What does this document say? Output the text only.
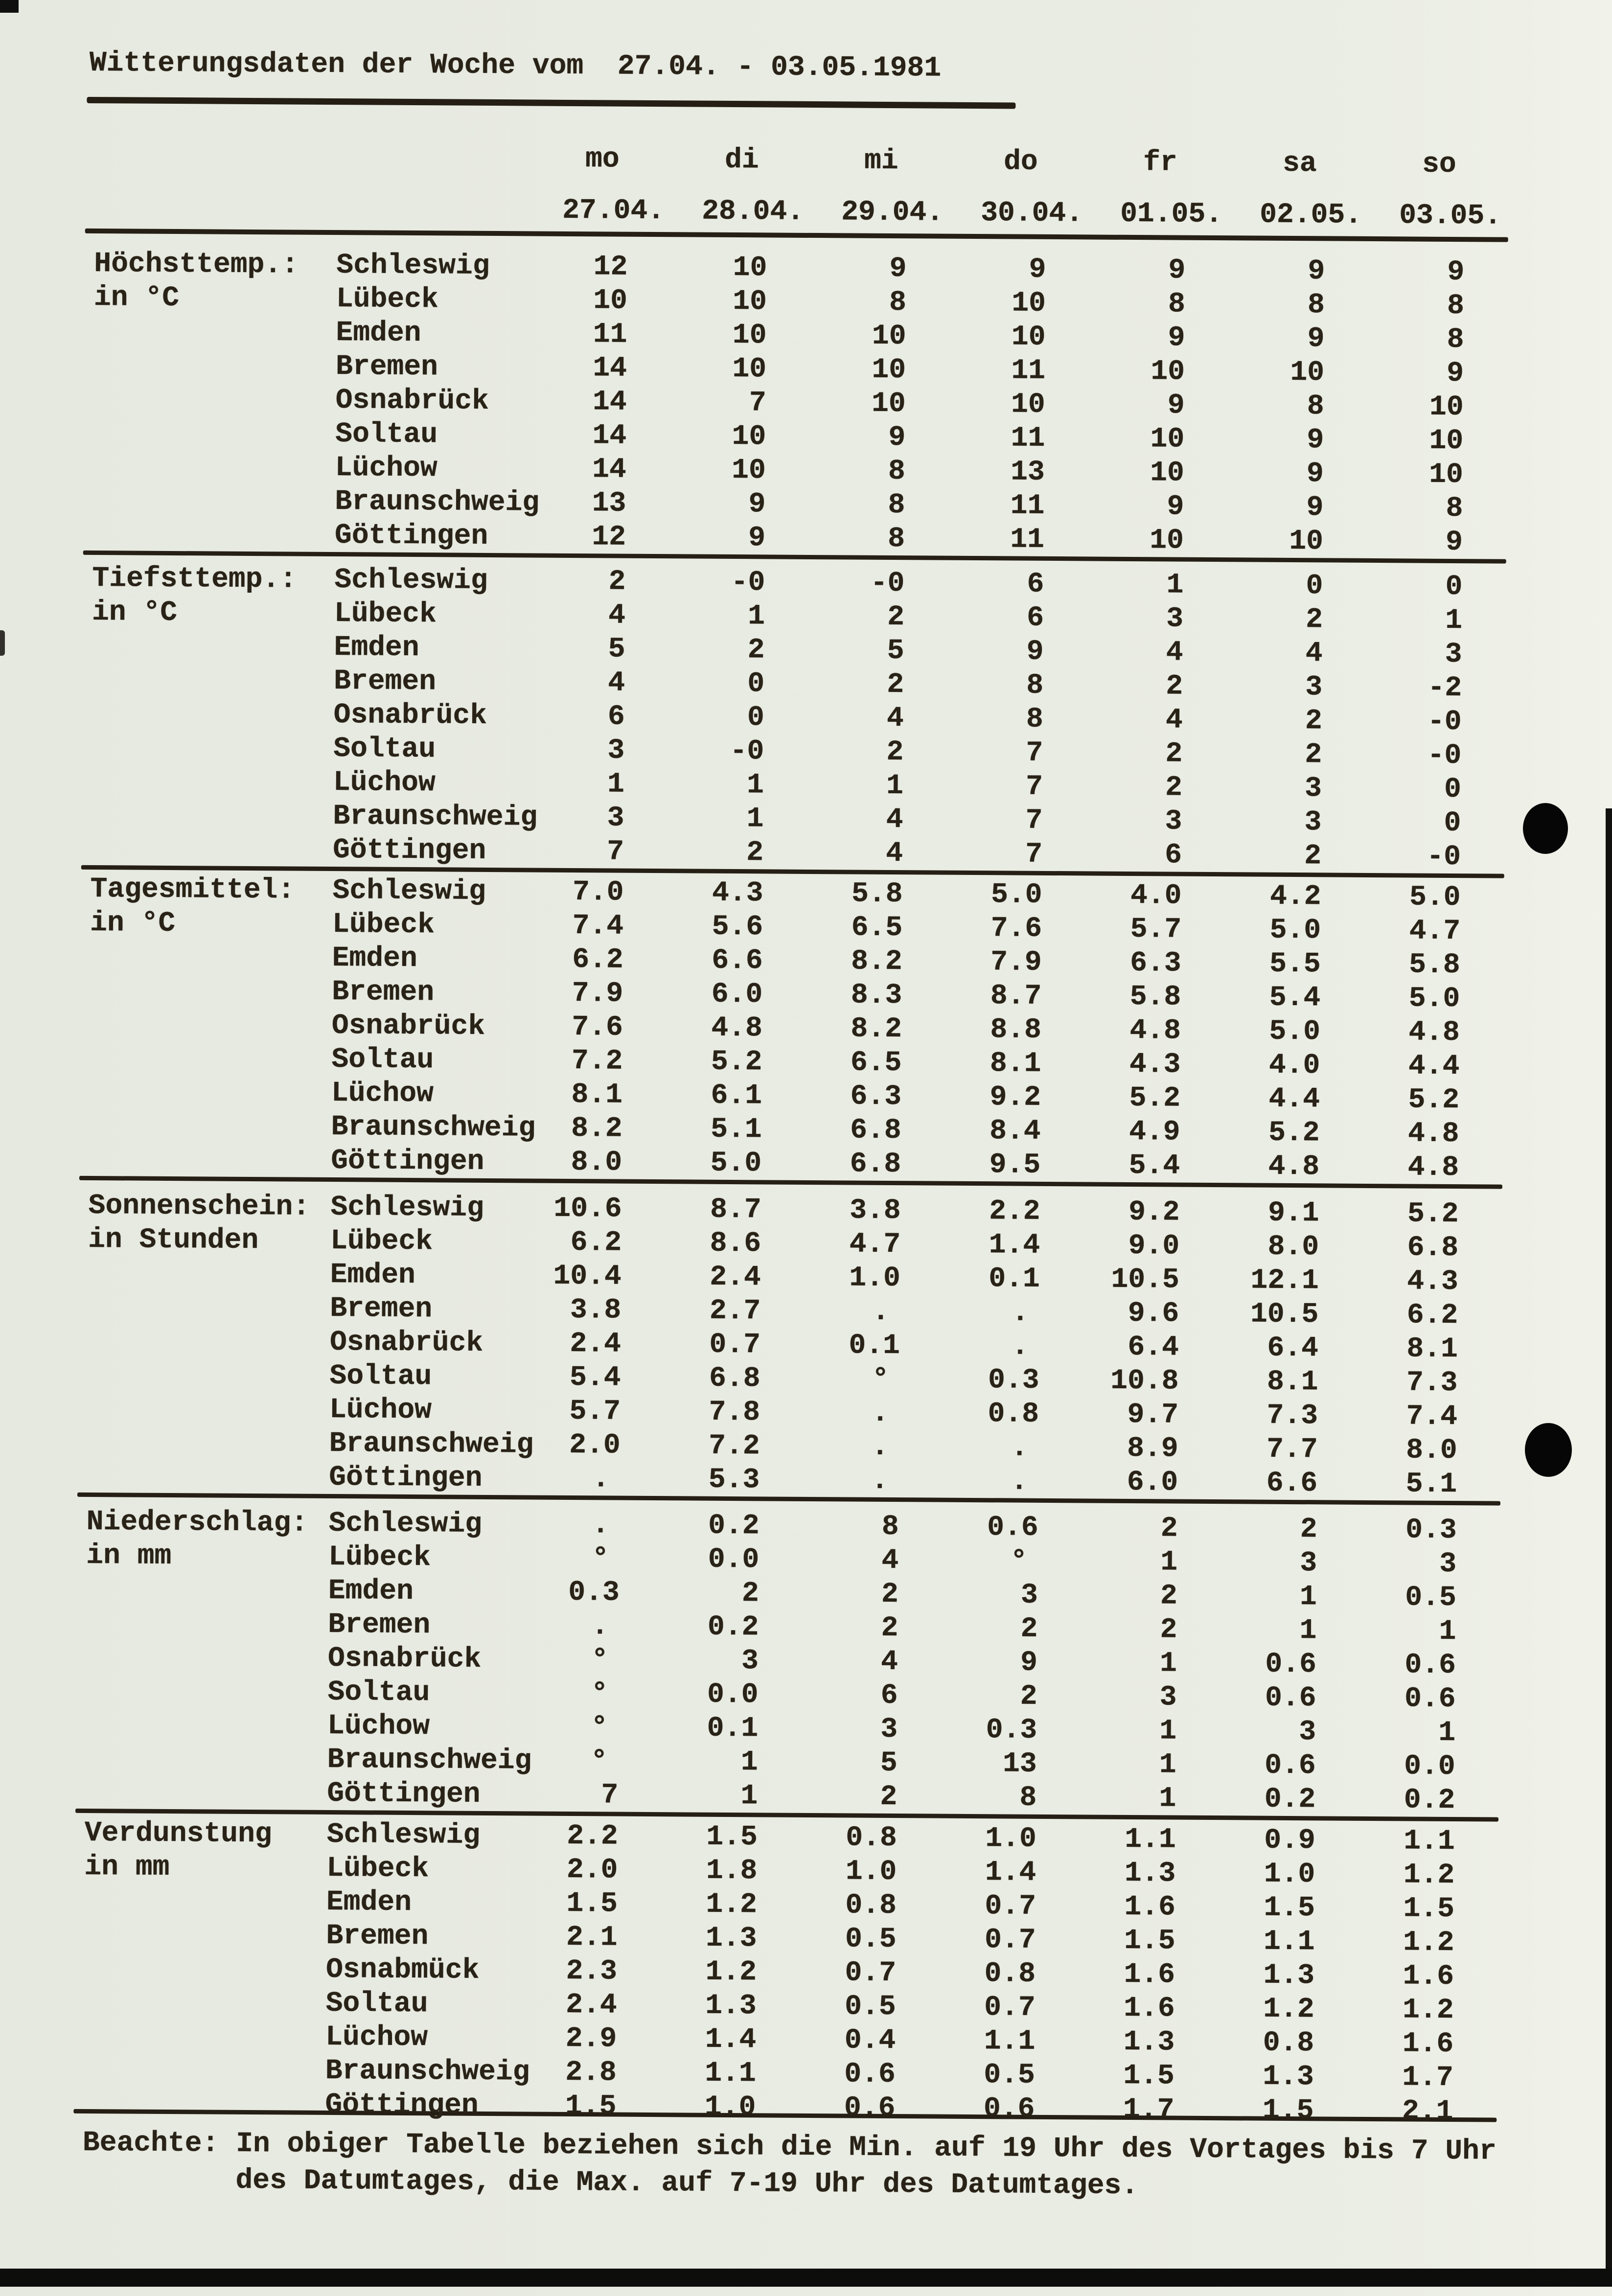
Witterungsdaten der Woche vom  27.04. - 03.05.1981
mo	di	mi	do	fr	sa	so
27.04.	28.04.	29.04.	30.04.	01.05.	02.05.	03.05.
Höchsttemp.:
in °C
Schleswig	12	10	9	9	9	9	9
Lübeck	10	10	8	10	8	8	8
Emden	11	10	10	10	9	9	8
Bremen	14	10	10	11	10	10	9
Osnabrück	14	7	10	10	9	8	10
Soltau	14	10	9	11	10	9	10
Lüchow	14	10	8	13	10	9	10
Braunschweig	13	9	8	11	9	9	8
Göttingen	12	9	8	11	10	10	9
Tiefsttemp.:
in °C
Schleswig	2	-0	-0	6	1	0	0
Lübeck	4	1	2	6	3	2	1
Emden	5	2	5	9	4	4	3
Bremen	4	0	2	8	2	3	-2
Osnabrück	6	0	4	8	4	2	-0
Soltau	3	-0	2	7	2	2	-0
Lüchow	1	1	1	7	2	3	0
Braunschweig	3	1	4	7	3	3	0
Göttingen	7	2	4	7	6	2	-0
Tagesmittel:
in °C
Schleswig	7.0	4.3	5.8	5.0	4.0	4.2	5.0
Lübeck	7.4	5.6	6.5	7.6	5.7	5.0	4.7
Emden	6.2	6.6	8.2	7.9	6.3	5.5	5.8
Bremen	7.9	6.0	8.3	8.7	5.8	5.4	5.0
Osnabrück	7.6	4.8	8.2	8.8	4.8	5.0	4.8
Soltau	7.2	5.2	6.5	8.1	4.3	4.0	4.4
Lüchow	8.1	6.1	6.3	9.2	5.2	4.4	5.2
Braunschweig	8.2	5.1	6.8	8.4	4.9	5.2	4.8
Göttingen	8.0	5.0	6.8	9.5	5.4	4.8	4.8
Sonnenschein:
in Stunden
Schleswig	10.6	8.7	3.8	2.2	9.2	9.1	5.2
Lübeck	6.2	8.6	4.7	1.4	9.0	8.0	6.8
Emden	10.4	2.4	1.0	0.1	10.5	12.1	4.3
Bremen	3.8	2.7	.	.	9.6	10.5	6.2
Osnabrück	2.4	0.7	0.1	.	6.4	6.4	8.1
Soltau	5.4	6.8	°	0.3	10.8	8.1	7.3
Lüchow	5.7	7.8	.	0.8	9.7	7.3	7.4
Braunschweig	2.0	7.2	.	.	8.9	7.7	8.0
Göttingen	.	5.3	.	.	6.0	6.6	5.1
Niederschlag:
in mm
Schleswig	.	0.2	8	0.6	2	2	0.3
Lübeck	°	0.0	4	°	1	3	3
Emden	0.3	2	2	3	2	1	0.5
Bremen	.	0.2	2	2	2	1	1
Osnabrück	°	3	4	9	1	0.6	0.6
Soltau	°	0.0	6	2	3	0.6	0.6
Lüchow	°	0.1	3	0.3	1	3	1
Braunschweig	°	1	5	13	1	0.6	0.0
Göttingen	7	1	2	8	1	0.2	0.2
Verdunstung
in mm
Schleswig	2.2	1.5	0.8	1.0	1.1	0.9	1.1
Lübeck	2.0	1.8	1.0	1.4	1.3	1.0	1.2
Emden	1.5	1.2	0.8	0.7	1.6	1.5	1.5
Bremen	2.1	1.3	0.5	0.7	1.5	1.1	1.2
Osnabmück	2.3	1.2	0.7	0.8	1.6	1.3	1.6
Soltau	2.4	1.3	0.5	0.7	1.6	1.2	1.2
Lüchow	2.9	1.4	0.4	1.1	1.3	0.8	1.6
Braunschweig	2.8	1.1	0.6	0.5	1.5	1.3	1.7
Göttingen	1.5	1.0	0.6	0.6	1.7	1.5	2.1
Beachte: In obiger Tabelle beziehen sich die Min. auf 19 Uhr des Vortages bis 7 Uhr
des Datumtages, die Max. auf 7-19 Uhr des Datumtages.
